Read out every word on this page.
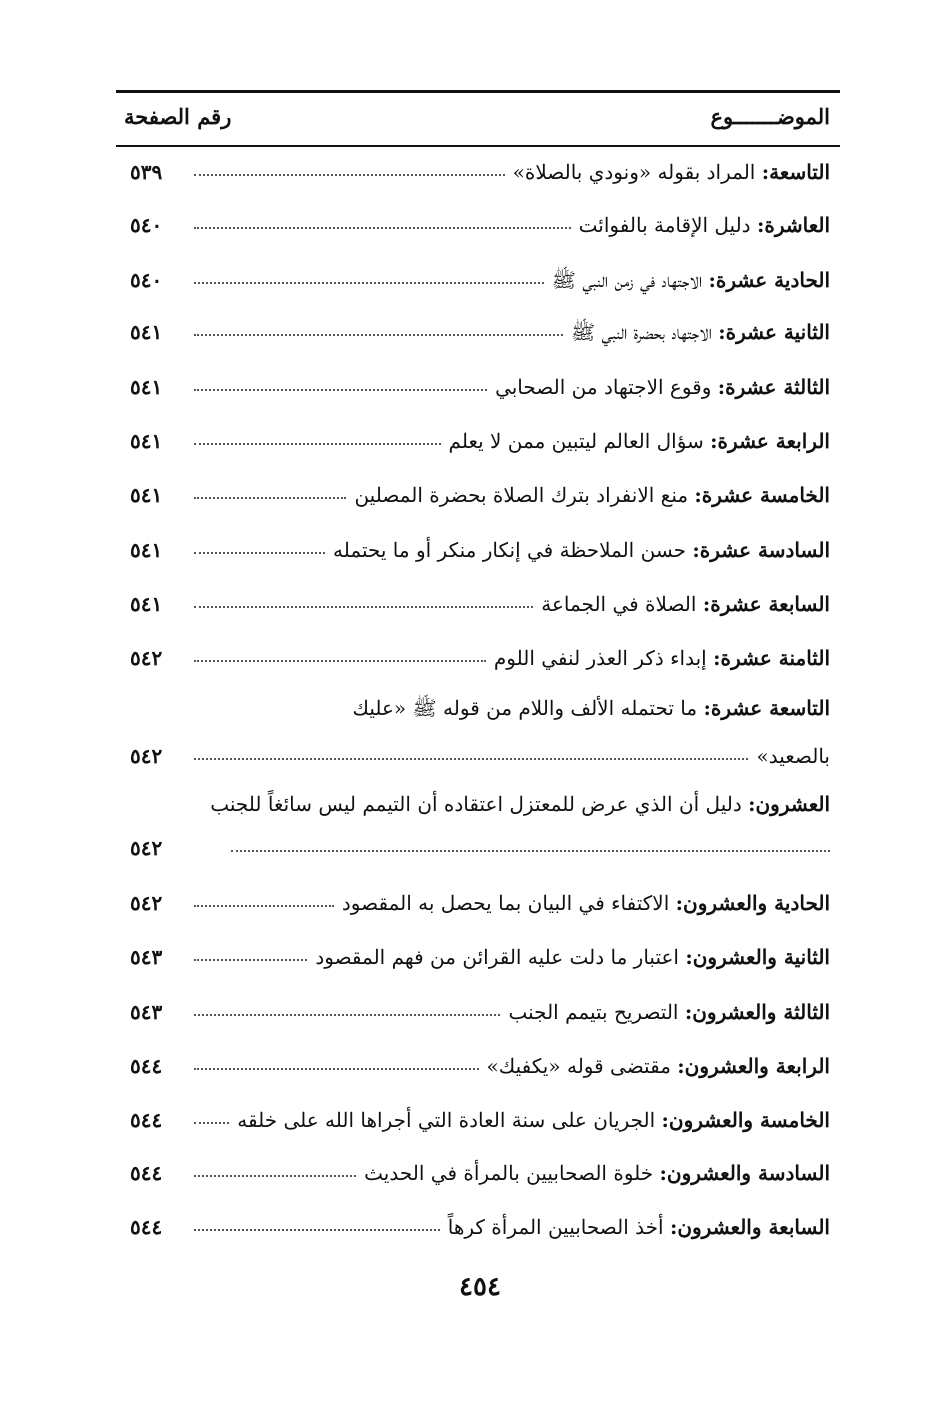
الموضـــــــوع
رقم الصفحة
التاسعة: المراد بقوله «ونودي بالصلاة»
٥٣٩
العاشرة: دليل الإقامة بالفوائت
٥٤٠
الحادية عشرة: الاجتهاد في زمن النبي ﷺ
٥٤٠
الثانية عشرة: الاجتهاد بحضرة النبي ﷺ
٥٤١
الثالثة عشرة: وقوع الاجتهاد من الصحابي
٥٤١
الرابعة عشرة: سؤال العالم ليتبين ممن لا يعلم
٥٤١
الخامسة عشرة: منع الانفراد بترك الصلاة بحضرة المصلين
٥٤١
السادسة عشرة: حسن الملاحظة في إنكار منكر أو ما يحتمله
٥٤١
السابعة عشرة: الصلاة في الجماعة
٥٤١
الثامنة عشرة: إبداء ذكر العذر لنفي اللوم
٥٤٢
التاسعة عشرة: ما تحتمله الألف واللام من قوله ﷺ «عليك
بالصعيد»
٥٤٢
العشرون: دليل أن الذي عرض للمعتزل اعتقاده أن التيمم ليس سائغاً للجنب
٥٤٢
الحادية والعشرون: الاكتفاء في البيان بما يحصل به المقصود
٥٤٢
الثانية والعشرون: اعتبار ما دلت عليه القرائن من فهم المقصود
٥٤٣
الثالثة والعشرون: التصريح بتيمم الجنب
٥٤٣
الرابعة والعشرون: مقتضى قوله «يكفيك»
٥٤٤
الخامسة والعشرون: الجريان على سنة العادة التي أجراها الله على خلقه
٥٤٤
السادسة والعشرون: خلوة الصحابيين بالمرأة في الحديث
٥٤٤
السابعة والعشرون: أخذ الصحابيين المرأة كرهاً
٥٤٤
٤٥٤
